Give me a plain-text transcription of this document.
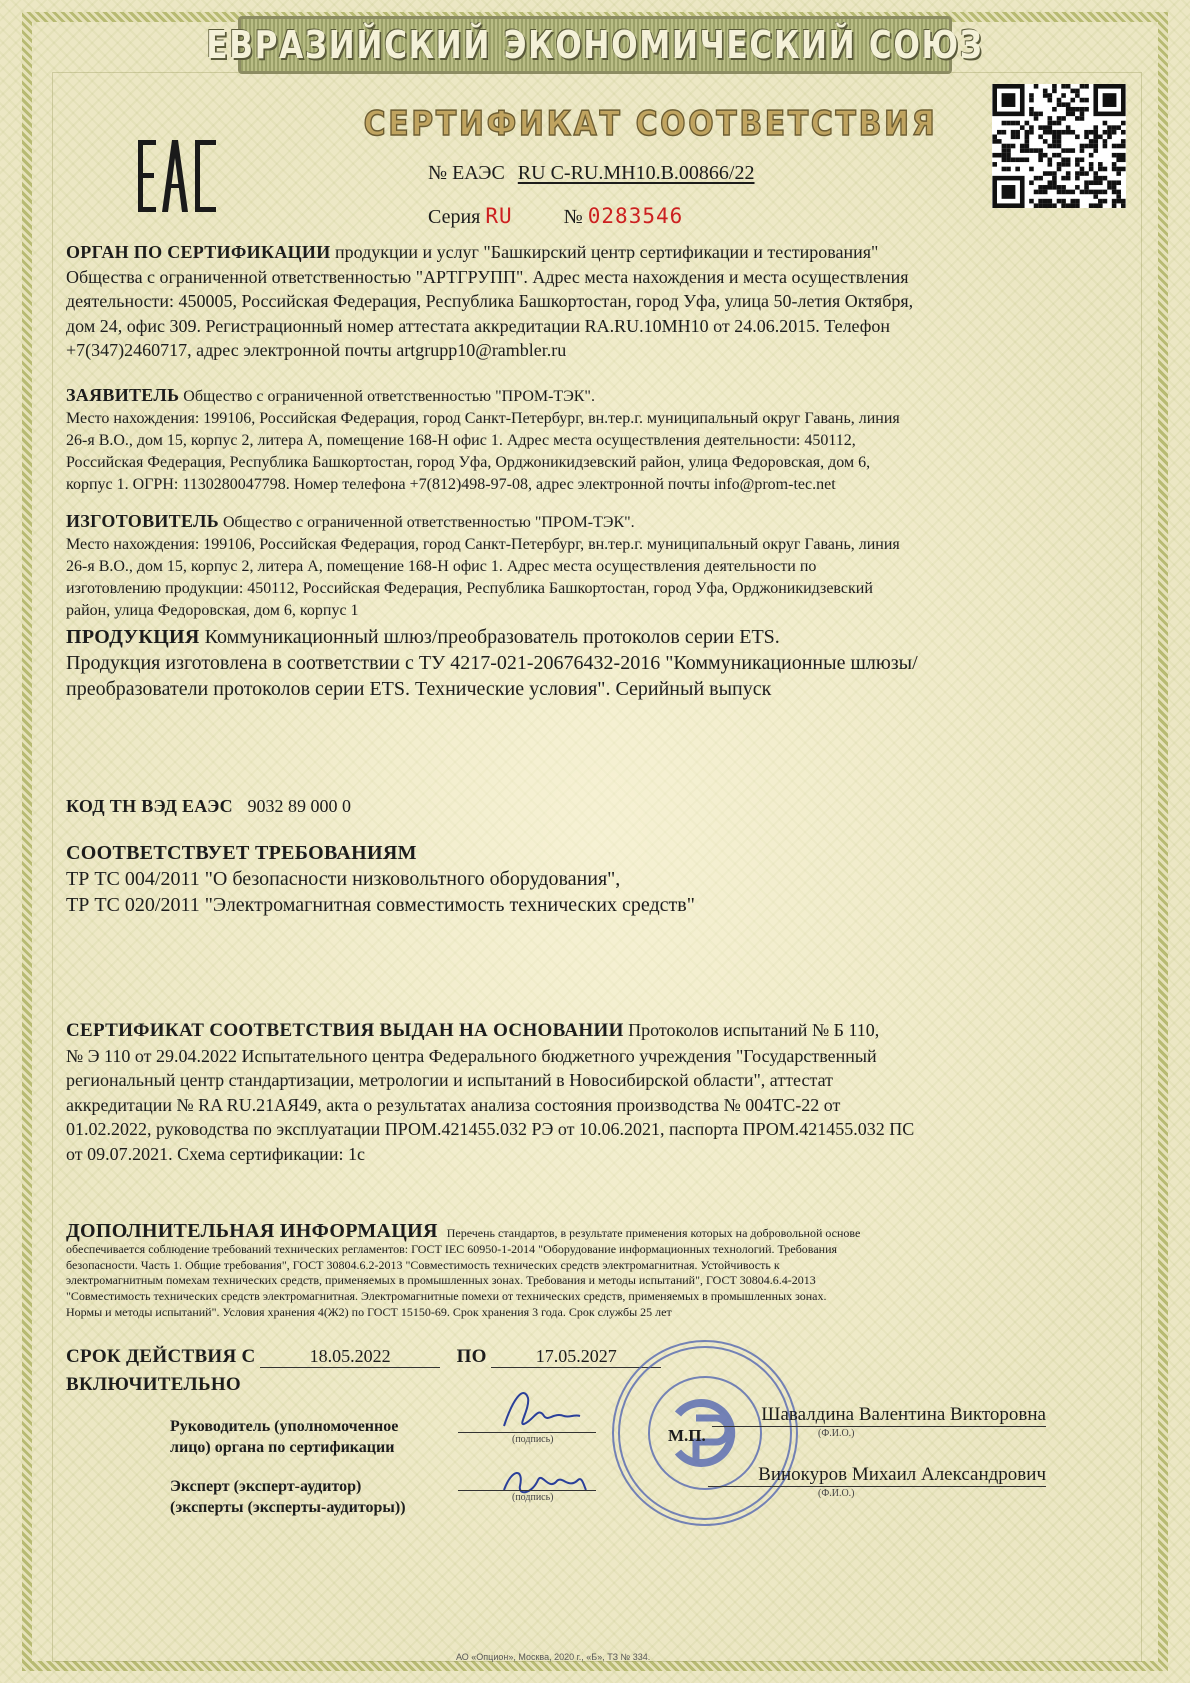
ЕВРАЗИЙСКИЙ ЭКОНОМИЧЕСКИЙ СОЮЗ
СЕРТИФИКАТ СООТВЕТСТВИЯ
№ ЕАЭС RU C-RU.МН10.В.00866/22
Серия RU	№ 0283546
ОРГАН ПО СЕРТИФИКАЦИИ продукции и услуг "Башкирский центр сертификации и тестирования"
Общества с ограниченной ответственностью "АРТГРУПП". Адрес места нахождения и места осуществления
деятельности: 450005, Российская Федерация, Республика Башкортостан, город Уфа, улица 50-летия Октября,
дом 24, офис 309. Регистрационный номер аттестата аккредитации RA.RU.10МН10 от 24.06.2015. Телефон
+7(347)2460717, адрес электронной почты artgrupp10@rambler.ru
ЗАЯВИТЕЛЬ Общество с ограниченной ответственностью "ПРОМ-ТЭК".
Место нахождения: 199106, Российская Федерация, город Санкт-Петербург, вн.тер.г. муниципальный округ Гавань, линия
26-я В.О., дом 15, корпус 2, литера А, помещение 168-Н офис 1. Адрес места осуществления деятельности: 450112,
Российская Федерация, Республика Башкортостан, город Уфа, Орджоникидзевский район, улица Федоровская, дом 6,
корпус 1. ОГРН: 1130280047798. Номер телефона +7(812)498-97-08, адрес электронной почты info@prom-tec.net
ИЗГОТОВИТЕЛЬ Общество с ограниченной ответственностью "ПРОМ-ТЭК".
Место нахождения: 199106, Российская Федерация, город Санкт-Петербург, вн.тер.г. муниципальный округ Гавань, линия
26-я В.О., дом 15, корпус 2, литера А, помещение 168-Н офис 1. Адрес места осуществления деятельности по
изготовлению продукции: 450112, Российская Федерация, Республика Башкортостан, город Уфа, Орджоникидзевский
район, улица Федоровская, дом 6, корпус 1
ПРОДУКЦИЯ Коммуникационный шлюз/преобразователь протоколов серии ETS.
Продукция изготовлена в соответствии с ТУ 4217-021-20676432-2016 "Коммуникационные шлюзы/
преобразователи протоколов серии ETS. Технические условия". Серийный выпуск
КОД ТН ВЭД ЕАЭС 9032 89 000 0
СООТВЕТСТВУЕТ ТРЕБОВАНИЯМ
ТР ТС 004/2011 "О безопасности низковольтного оборудования",
ТР ТС 020/2011 "Электромагнитная совместимость технических средств"
СЕРТИФИКАТ СООТВЕТСТВИЯ ВЫДАН НА ОСНОВАНИИ Протоколов испытаний № Б 110,
№ Э 110 от 29.04.2022 Испытательного центра Федерального бюджетного учреждения "Государственный
региональный центр стандартизации, метрологии и испытаний в Новосибирской области", аттестат
аккредитации № RA RU.21АЯ49, акта о результатах анализа состояния производства № 004ТС-22 от
01.02.2022, руководства по эксплуатации ПРОМ.421455.032 РЭ от 10.06.2021, паспорта ПРОМ.421455.032 ПС
от 09.07.2021. Схема сертификации: 1с
ДОПОЛНИТЕЛЬНАЯ ИНФОРМАЦИЯ Перечень стандартов, в результате применения которых на добровольной основе
обеспечивается соблюдение требований технических регламентов: ГОСТ IEC 60950-1-2014 "Оборудование информационных технологий. Требования
безопасности. Часть 1. Общие требования", ГОСТ 30804.6.2-2013 "Совместимость технических средств электромагнитная. Устойчивость к
электромагнитным помехам технических средств, применяемых в промышленных зонах. Требования и методы испытаний", ГОСТ 30804.6.4-2013
"Совместимость технических средств электромагнитная. Электромагнитные помехи от технических средств, применяемых в промышленных зонах.
Нормы и методы испытаний". Условия хранения 4(Ж2) по ГОСТ 15150-69. Срок хранения 3 года. Срок службы 25 лет
СРОК ДЕЙСТВИЯ С	18.05.2022	ПО	17.05.2027
ВКЛЮЧИТЕЛЬНО
Руководитель (уполномоченное
лицо) органа по сертификации	(подпись)	М.П.
Шавалдина Валентина Викторовна
(Ф.И.О.)
Эксперт (эксперт-аудитор)
(эксперты (эксперты-аудиторы))
(подпись)
Винокуров Михаил Александрович
(Ф.И.О.)
АО «Опцион», Москва, 2020 г., «Б», ТЗ № 334.
